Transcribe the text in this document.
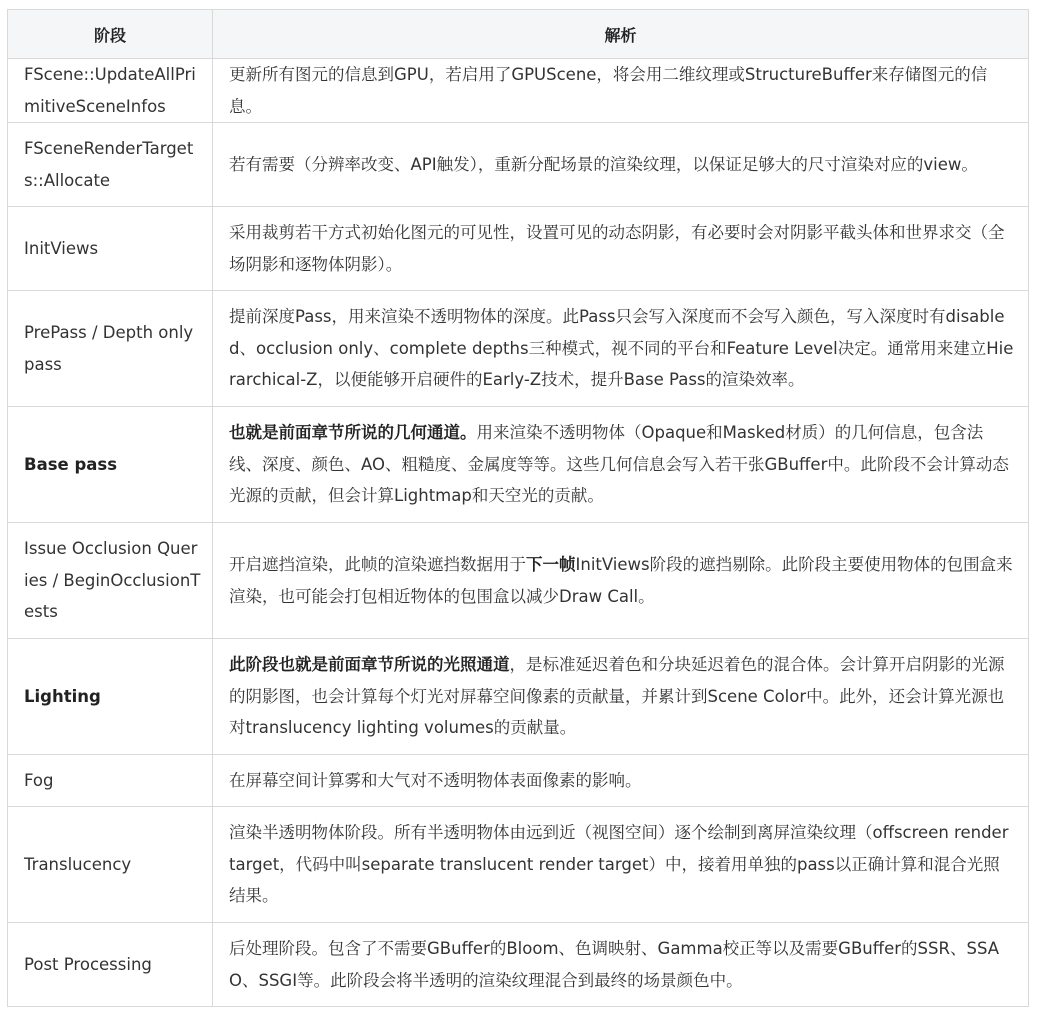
阶段	解析
FScene::UpdateAllPrimitiveSceneInfos	更新所有图元的信息到GPU，若启用了GPUScene，将会用二维纹理或StructureBuffer来存储图元的信息。
FSceneRenderTargets::Allocate	若有需要（分辨率改变、API触发），重新分配场景的渲染纹理，以保证足够大的尺寸渲染对应的view。
InitViews	采用裁剪若干方式初始化图元的可见性，设置可见的动态阴影，有必要时会对阴影平截头体和世界求交（全场阴影和逐物体阴影）。
PrePass / Depth only pass	提前深度Pass，用来渲染不透明物体的深度。此Pass只会写入深度而不会写入颜色，写入深度时有disabled、occlusion only、complete depths三种模式，视不同的平台和Feature Level决定。通常用来建立Hierarchical-Z，以便能够开启硬件的Early-Z技术，提升Base Pass的渲染效率。
Base pass	也就是前面章节所说的几何通道。用来渲染不透明物体（Opaque和Masked材质）的几何信息，包含法线、深度、颜色、AO、粗糙度、金属度等等。这些几何信息会写入若干张GBuffer中。此阶段不会计算动态光源的贡献，但会计算Lightmap和天空光的贡献。
Issue Occlusion Queries / BeginOcclusionTests	开启遮挡渲染，此帧的渲染遮挡数据用于下一帧InitViews阶段的遮挡剔除。此阶段主要使用物体的包围盒来渲染，也可能会打包相近物体的包围盒以减少Draw Call。
Lighting	此阶段也就是前面章节所说的光照通道，是标准延迟着色和分块延迟着色的混合体。会计算开启阴影的光源的阴影图，也会计算每个灯光对屏幕空间像素的贡献量，并累计到Scene Color中。此外，还会计算光源也对translucency lighting volumes的贡献量。
Fog	在屏幕空间计算雾和大气对不透明物体表面像素的影响。
Translucency	渲染半透明物体阶段。所有半透明物体由远到近（视图空间）逐个绘制到离屏渲染纹理（offscreen render target，代码中叫separate translucent render target）中，接着用单独的pass以正确计算和混合光照结果。
Post Processing	后处理阶段。包含了不需要GBuffer的Bloom、色调映射、Gamma校正等以及需要GBuffer的SSR、SSAO、SSGI等。此阶段会将半透明的渲染纹理混合到最终的场景颜色中。
